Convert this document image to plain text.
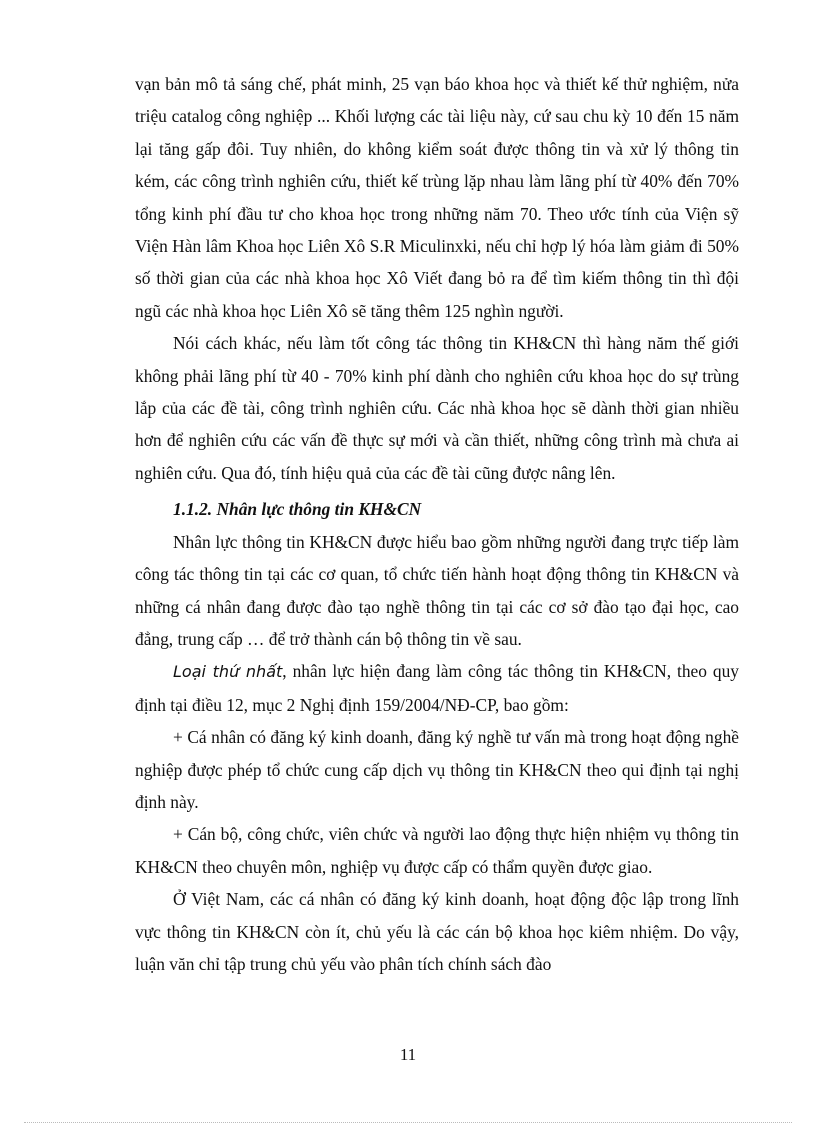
vạn bản mô tả sáng chế, phát minh, 25 vạn báo khoa học và thiết kế thử nghiệm, nửa triệu catalog công nghiệp ... Khối lượng các tài liệu này, cứ sau chu kỳ 10 đến 15 năm lại tăng gấp đôi. Tuy nhiên, do không kiểm soát được thông tin và xử lý thông tin kém, các công trình nghiên cứu, thiết kế trùng lặp nhau làm lãng phí từ 40% đến 70% tổng kinh phí đầu tư cho khoa học trong những năm 70. Theo ước tính của Viện sỹ Viện Hàn lâm Khoa học Liên Xô S.R Miculinxki, nếu chỉ hợp lý hóa làm giảm đi 50% số thời gian của các nhà khoa học Xô Viết đang bỏ ra để tìm kiếm thông tin thì đội ngũ các nhà khoa học Liên Xô sẽ tăng thêm 125 nghìn người.

Nói cách khác, nếu làm tốt công tác thông tin KH&CN thì hàng năm thế giới không phải lãng phí từ 40 - 70% kinh phí dành cho nghiên cứu khoa học do sự trùng lắp của các đề tài, công trình nghiên cứu. Các nhà khoa học sẽ dành thời gian nhiều hơn để nghiên cứu các vấn đề thực sự mới và cần thiết, những công trình mà chưa ai nghiên cứu. Qua đó, tính hiệu quả của các đề tài cũng được nâng lên.

1.1.2. Nhân lực thông tin KH&CN

Nhân lực thông tin KH&CN được hiểu bao gồm những người đang trực tiếp làm công tác thông tin tại các cơ quan, tổ chức tiến hành hoạt động thông tin KH&CN và những cá nhân đang được đào tạo nghề thông tin tại các cơ sở đào tạo đại học, cao đẳng, trung cấp … để trở thành cán bộ thông tin về sau.

Loại thứ nhất, nhân lực hiện đang làm công tác thông tin KH&CN, theo quy định tại điều 12, mục 2 Nghị định 159/2004/NĐ-CP, bao gồm:

+ Cá nhân có đăng ký kinh doanh, đăng ký nghề tư vấn mà trong hoạt động nghề nghiệp được phép tổ chức cung cấp dịch vụ thông tin KH&CN theo qui định tại nghị định này.

+ Cán bộ, công chức, viên chức và người lao động thực hiện nhiệm vụ thông tin KH&CN theo chuyên môn, nghiệp vụ được cấp có thẩm quyền được giao.

Ở Việt Nam, các cá nhân có đăng ký kinh doanh, hoạt động độc lập trong lĩnh vực thông tin KH&CN còn ít, chủ yếu là các cán bộ khoa học kiêm nhiệm. Do vậy, luận văn chỉ tập trung chủ yếu vào phân tích chính sách đào

11
